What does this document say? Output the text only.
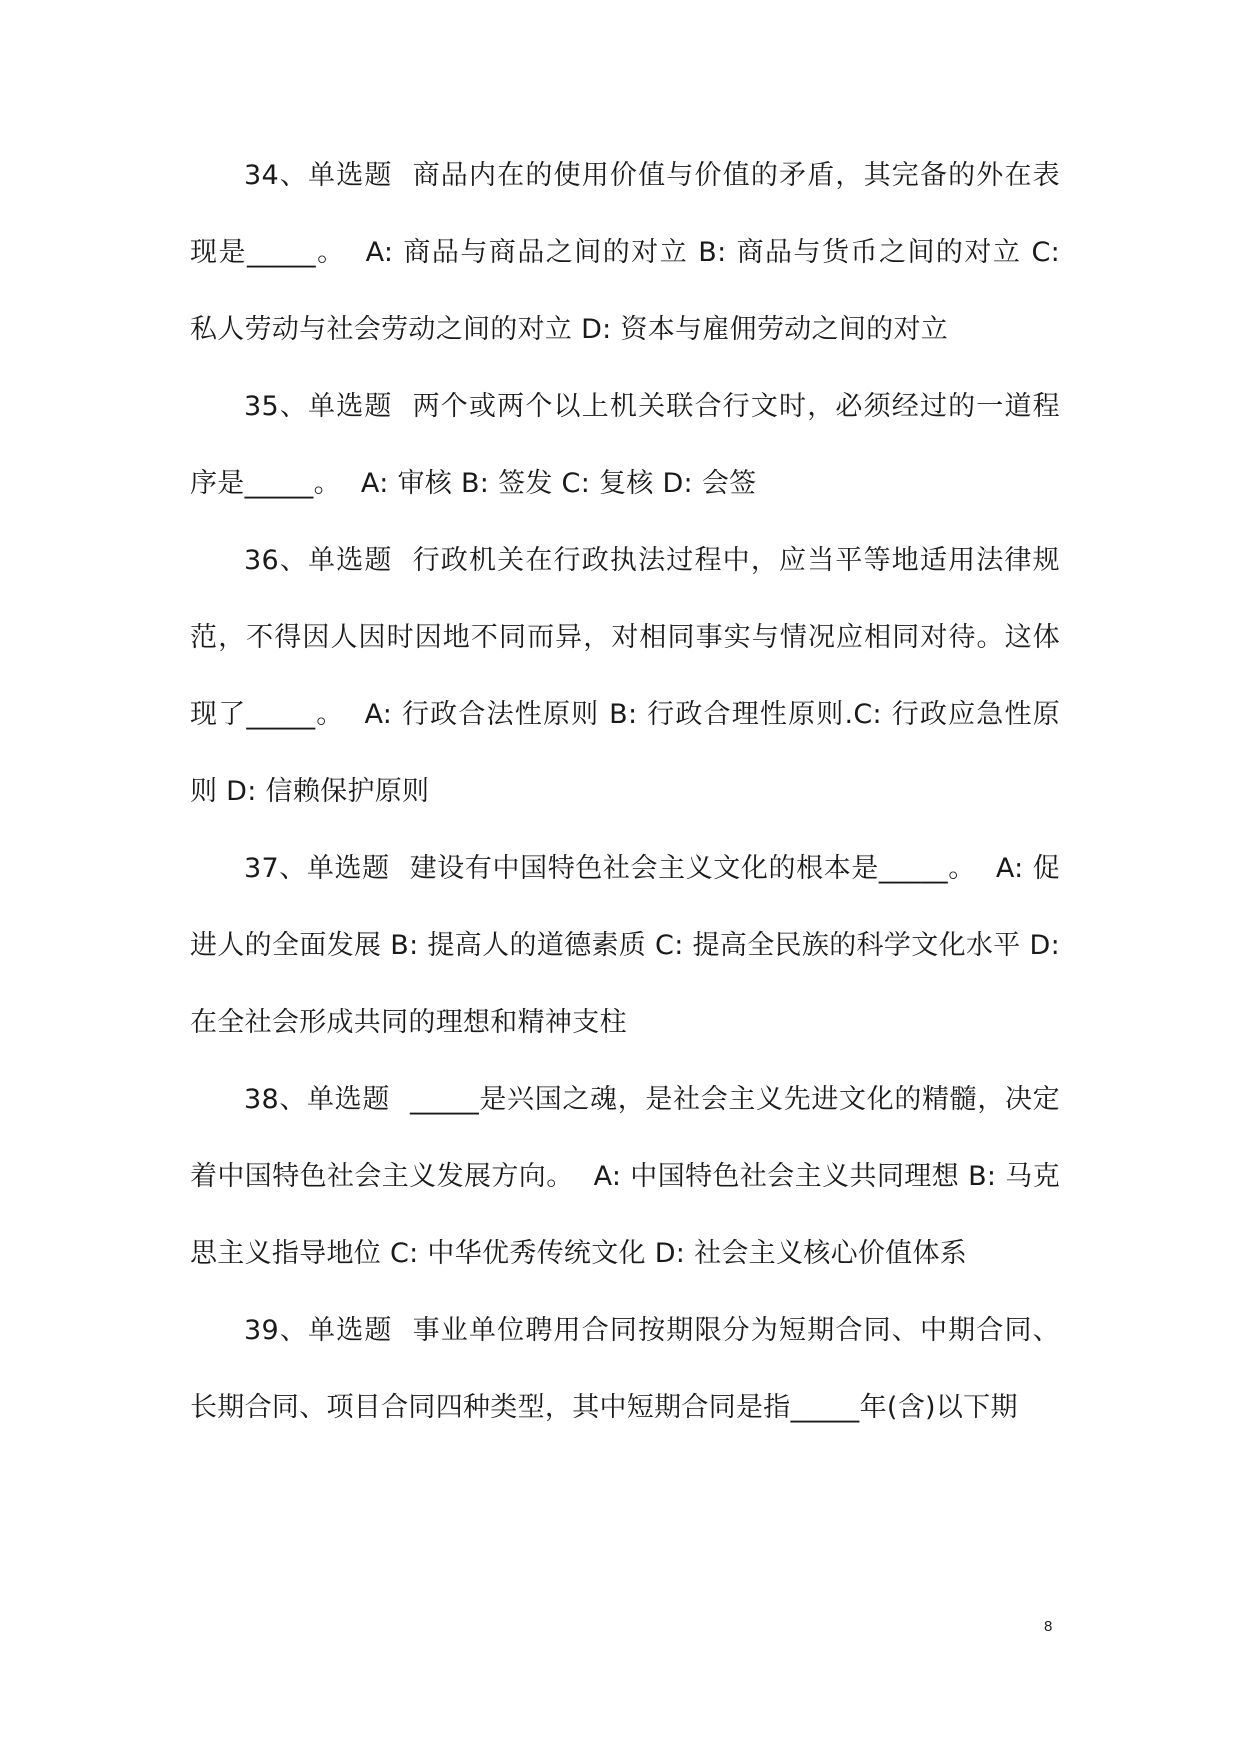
34、单选题 商品内在的使用价值与价值的矛盾，其完备的外在表现是_____。 A: 商品与商品之间的对立 B: 商品与货币之间的对立 C: 私人劳动与社会劳动之间的对立 D: 资本与雇佣劳动之间的对立

35、单选题 两个或两个以上机关联合行文时，必须经过的一道程序是_____。 A: 审核 B: 签发 C: 复核 D: 会签

36、单选题 行政机关在行政执法过程中，应当平等地适用法律规范，不得因人因时因地不同而异，对相同事实与情况应相同对待。这体现了_____。 A: 行政合法性原则 B: 行政合理性原则.C: 行政应急性原则 D: 信赖保护原则

37、单选题 建设有中国特色社会主义文化的根本是_____。 A: 促进人的全面发展 B: 提高人的道德素质 C: 提高全民族的科学文化水平 D: 在全社会形成共同的理想和精神支柱

38、单选题 _____是兴国之魂，是社会主义先进文化的精髓，决定着中国特色社会主义发展方向。 A: 中国特色社会主义共同理想 B: 马克思主义指导地位 C: 中华优秀传统文化 D: 社会主义核心价值体系

39、单选题 事业单位聘用合同按期限分为短期合同、中期合同、长期合同、项目合同四种类型，其中短期合同是指_____年(含)以下期

8
